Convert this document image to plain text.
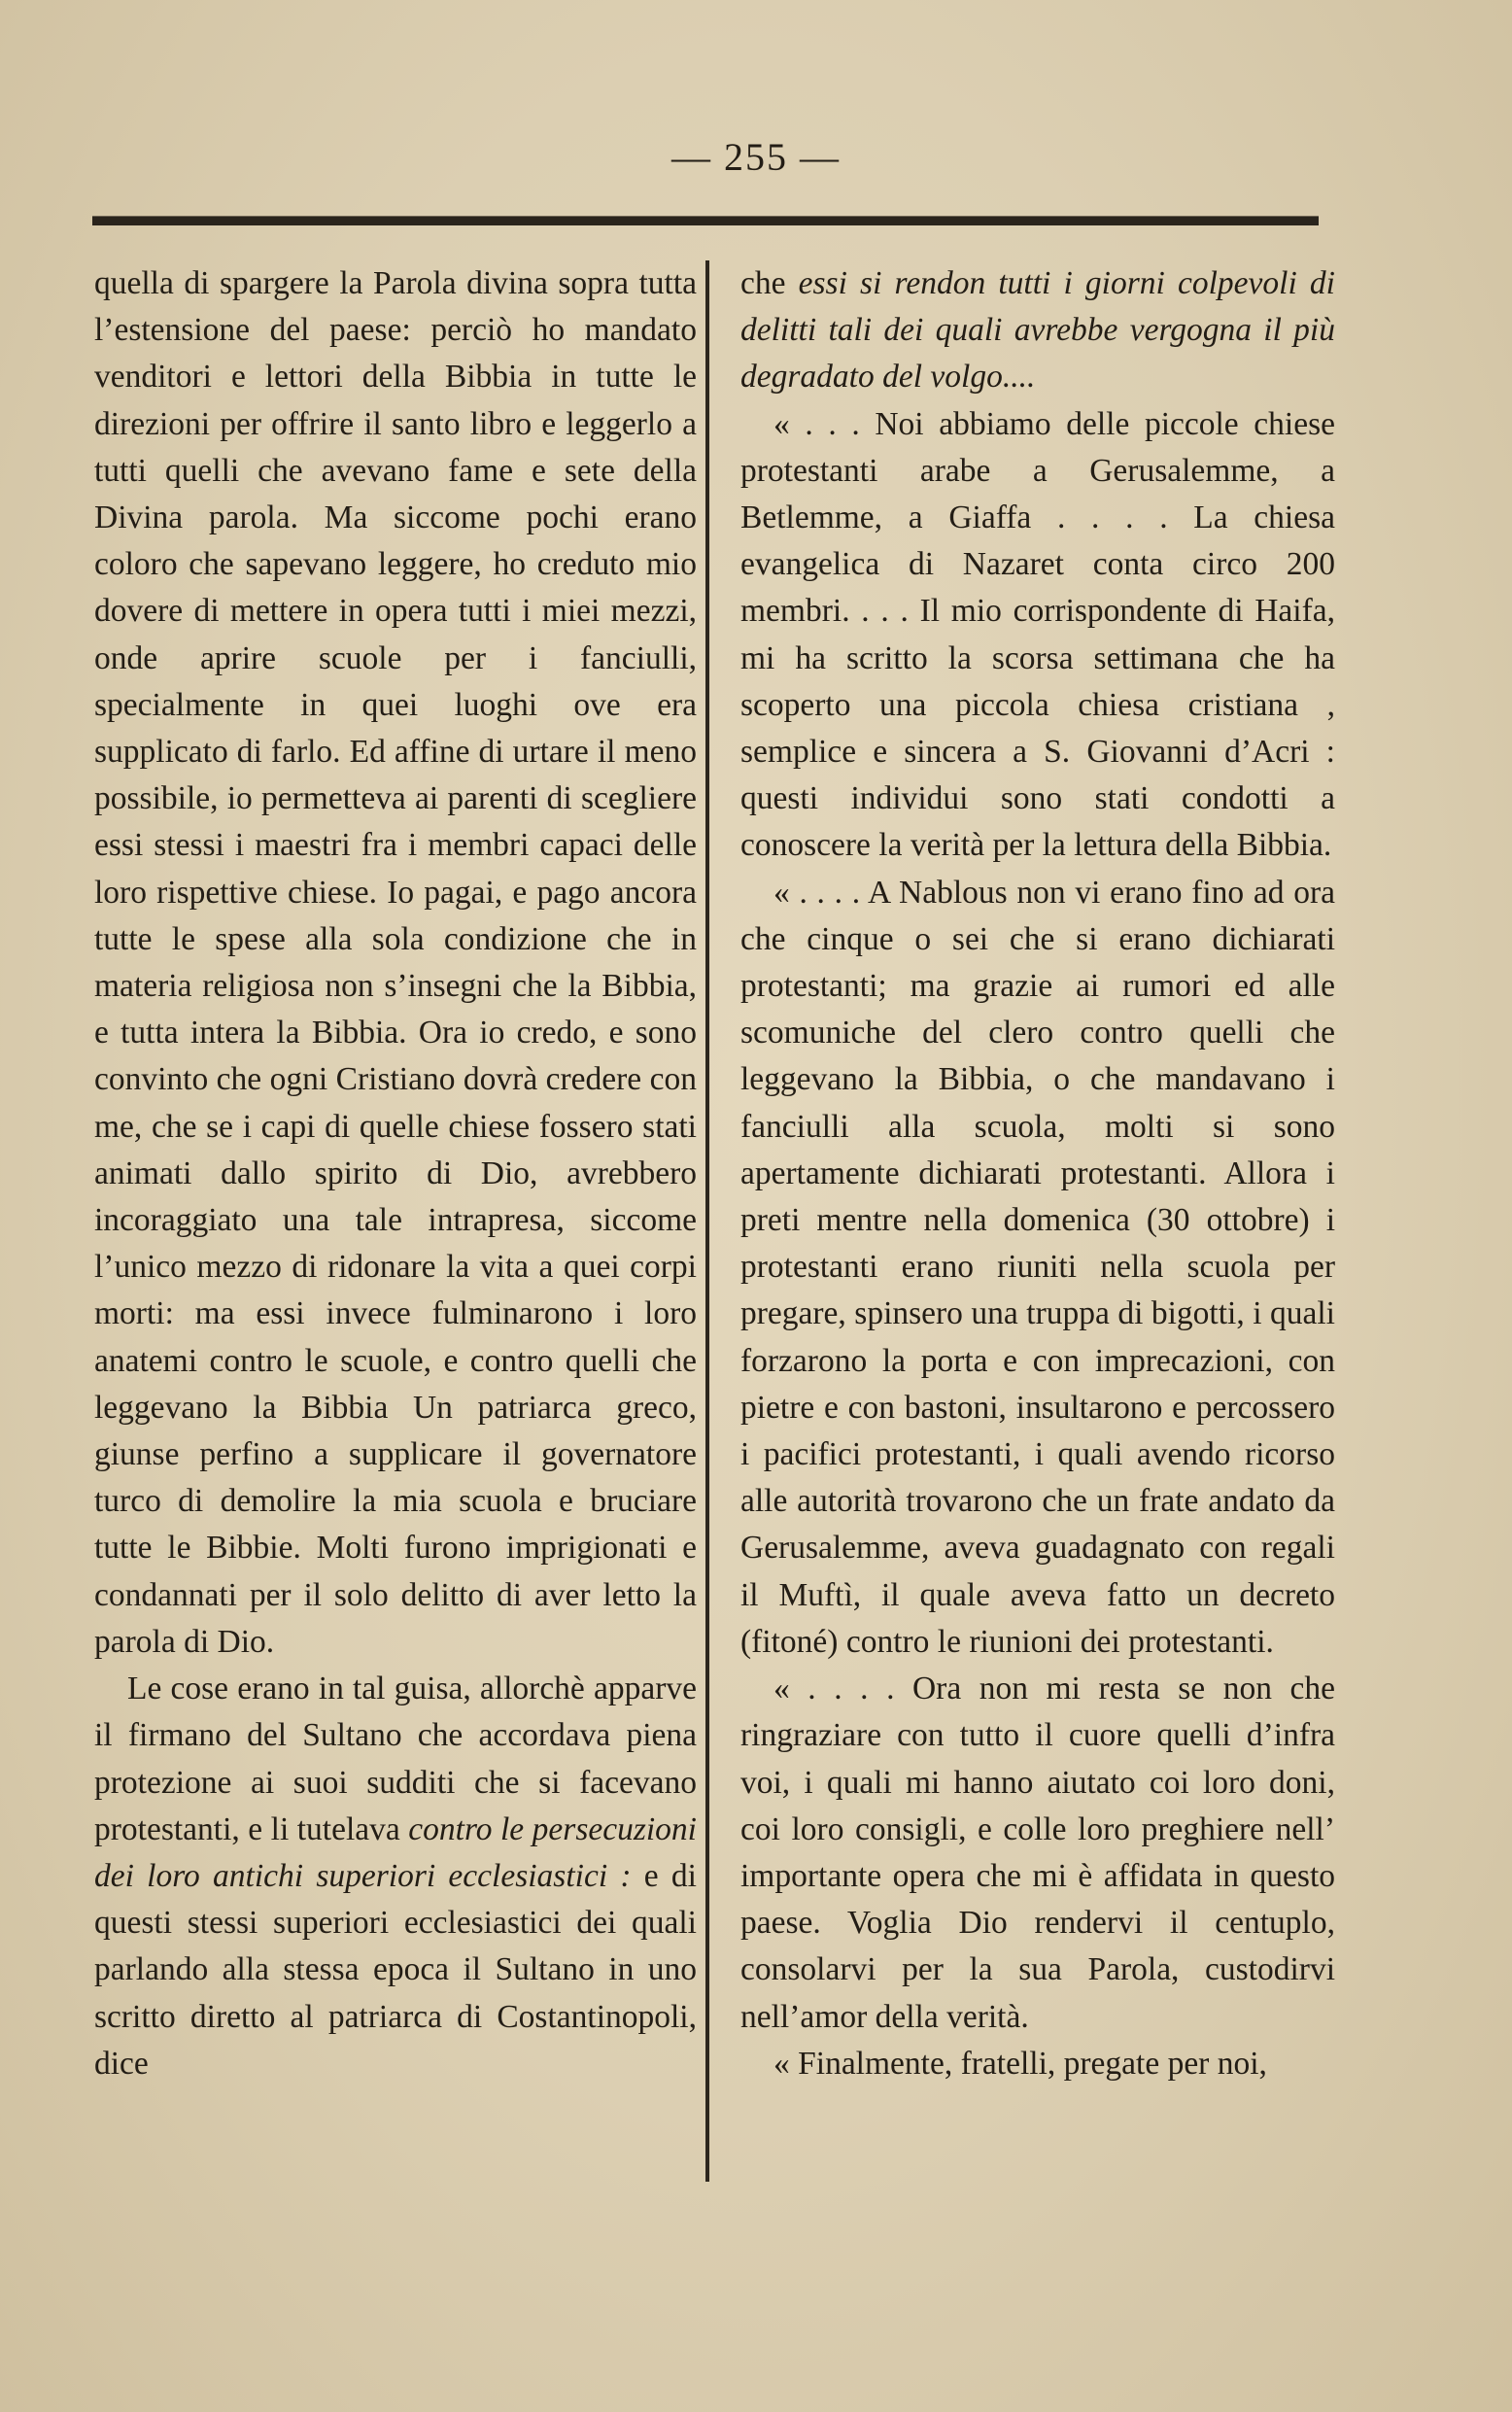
— 255 —

quella di spargere la Parola divina sopra tutta l’estensione del paese: perciò ho mandato venditori e lettori della Bibbia in tutte le direzioni per offrire il santo libro e leggerlo a tutti quelli che avevano fame e sete della Divina parola. Ma siccome pochi erano coloro che sapevano leggere, ho creduto mio dovere di mettere in opera tutti i miei mezzi, onde aprire scuole per i fanciulli, specialmente in quei luoghi ove era supplicato di farlo. Ed affine di urtare il meno possibile, io permetteva ai parenti di scegliere essi stessi i maestri fra i membri capaci delle loro rispettive chiese. Io pagai, e pago ancora tutte le spese alla sola condizione che in materia religiosa non s’insegni che la Bibbia, e tutta intera la Bibbia. Ora io credo, e sono convinto che ogni Cristiano dovrà credere con me, che se i capi di quelle chiese fossero stati animati dallo spirito di Dio, avrebbero incoraggiato una tale intrapresa, siccome l’unico mezzo di ridonare la vita a quei corpi morti: ma essi invece fulminarono i loro anatemi contro le scuole, e contro quelli che leggevano la Bibbia Un patriarca greco, giunse perfino a supplicare il governatore turco di demolire la mia scuola e bruciare tutte le Bibbie. Molti furono imprigionati e condannati per il solo delitto di aver letto la parola di Dio.

Le cose erano in tal guisa, allorchè apparve il firmano del Sultano che accordava piena protezione ai suoi sudditi che si facevano protestanti, e li tutelava contro le persecuzioni dei loro antichi superiori ecclesiastici : e di questi stessi superiori ecclesiastici dei quali parlando alla stessa epoca il Sultano in uno scritto diretto al patriarca di Costantinopoli, dice

che essi si rendon tutti i giorni colpevoli di delitti tali dei quali avrebbe vergogna il più degradato del volgo....

« . . . Noi abbiamo delle piccole chiese protestanti arabe a Gerusalemme, a Betlemme, a Giaffa . . . . La chiesa evangelica di Nazaret conta circo 200 membri. . . . Il mio corrispondente di Haifa, mi ha scritto la scorsa settimana che ha scoperto una piccola chiesa cristiana , semplice e sincera a S. Giovanni d’Acri : questi individui sono stati condotti a conoscere la verità per la lettura della Bibbia.

« . . . . A Nablous non vi erano fino ad ora che cinque o sei che si erano dichiarati protestanti; ma grazie ai rumori ed alle scomuniche del clero contro quelli che leggevano la Bibbia, o che mandavano i fanciulli alla scuola, molti si sono apertamente dichiarati protestanti. Allora i preti mentre nella domenica (30 ottobre) i protestanti erano riuniti nella scuola per pregare, spinsero una truppa di bigotti, i quali forzarono la porta e con imprecazioni, con pietre e con bastoni, insultarono e percossero i pacifici protestanti, i quali avendo ricorso alle autorità trovarono che un frate andato da Gerusalemme, aveva guadagnato con regali il Muftì, il quale aveva fatto un decreto (fitoné) contro le riunioni dei protestanti.

« . . . . Ora non mi resta se non che ringraziare con tutto il cuore quelli d’infra voi, i quali mi hanno aiutato coi loro doni, coi loro consigli, e colle loro preghiere nell’ importante opera che mi è affidata in questo paese. Voglia Dio rendervi il centuplo, consolarvi per la sua Parola, custodirvi nell’amor della verità.

« Finalmente, fratelli, pregate per noi,
